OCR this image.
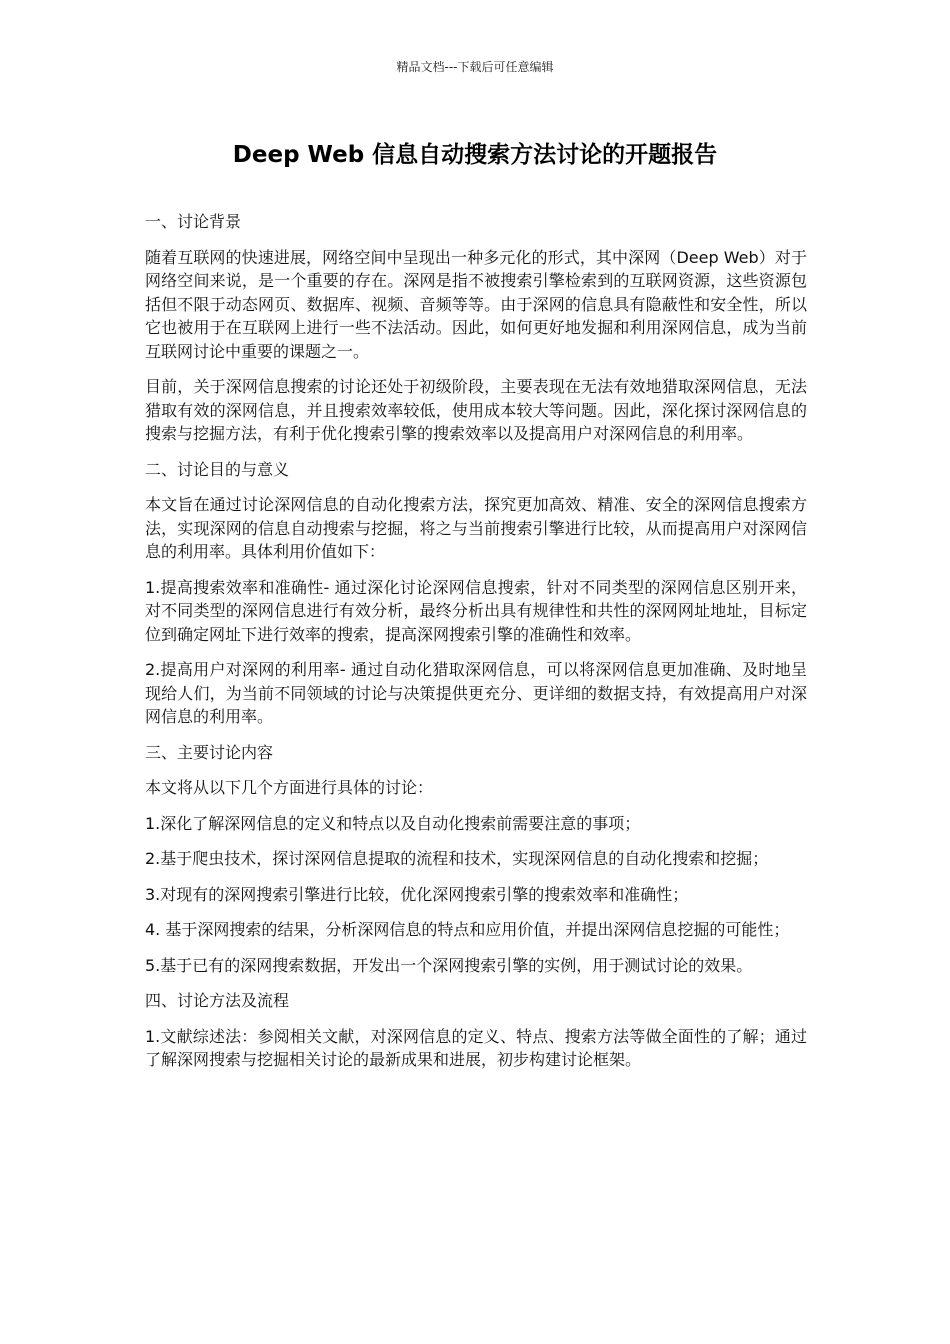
精品文档---下载后可任意编辑
Deep Web 信息自动搜索方法讨论的开题报告

一、讨论背景

随着互联网的快速进展，网络空间中呈现出一种多元化的形式，其中深网（Deep Web）对于网络空间来说，是一个重要的存在。深网是指不被搜索引擎检索到的互联网资源，这些资源包括但不限于动态网页、数据库、视频、音频等等。由于深网的信息具有隐蔽性和安全性，所以它也被用于在互联网上进行一些不法活动。因此，如何更好地发掘和利用深网信息，成为当前互联网讨论中重要的课题之一。

目前，关于深网信息搜索的讨论还处于初级阶段，主要表现在无法有效地猎取深网信息，无法猎取有效的深网信息，并且搜索效率较低，使用成本较大等问题。因此，深化探讨深网信息的搜索与挖掘方法，有利于优化搜索引擎的搜索效率以及提高用户对深网信息的利用率。

二、讨论目的与意义

本文旨在通过讨论深网信息的自动化搜索方法，探究更加高效、精准、安全的深网信息搜索方法，实现深网的信息自动搜索与挖掘，将之与当前搜索引擎进行比较，从而提高用户对深网信息的利用率。具体利用价值如下：

1.提高搜索效率和准确性- 通过深化讨论深网信息搜索，针对不同类型的深网信息区别开来，对不同类型的深网信息进行有效分析，最终分析出具有规律性和共性的深网网址地址，目标定位到确定网址下进行效率的搜索，提高深网搜索引擎的准确性和效率。

2.提高用户对深网的利用率- 通过自动化猎取深网信息，可以将深网信息更加准确、及时地呈现给人们，为当前不同领域的讨论与决策提供更充分、更详细的数据支持，有效提高用户对深网信息的利用率。

三、主要讨论内容

本文将从以下几个方面进行具体的讨论：

1.深化了解深网信息的定义和特点以及自动化搜索前需要注意的事项；

2.基于爬虫技术，探讨深网信息提取的流程和技术，实现深网信息的自动化搜索和挖掘；

3.对现有的深网搜索引擎进行比较，优化深网搜索引擎的搜索效率和准确性；

4. 基于深网搜索的结果，分析深网信息的特点和应用价值，并提出深网信息挖掘的可能性；

5.基于已有的深网搜索数据，开发出一个深网搜索引擎的实例，用于测试讨论的效果。

四、讨论方法及流程

1.文献综述法：参阅相关文献，对深网信息的定义、特点、搜索方法等做全面性的了解；通过了解深网搜索与挖掘相关讨论的最新成果和进展，初步构建讨论框架。
